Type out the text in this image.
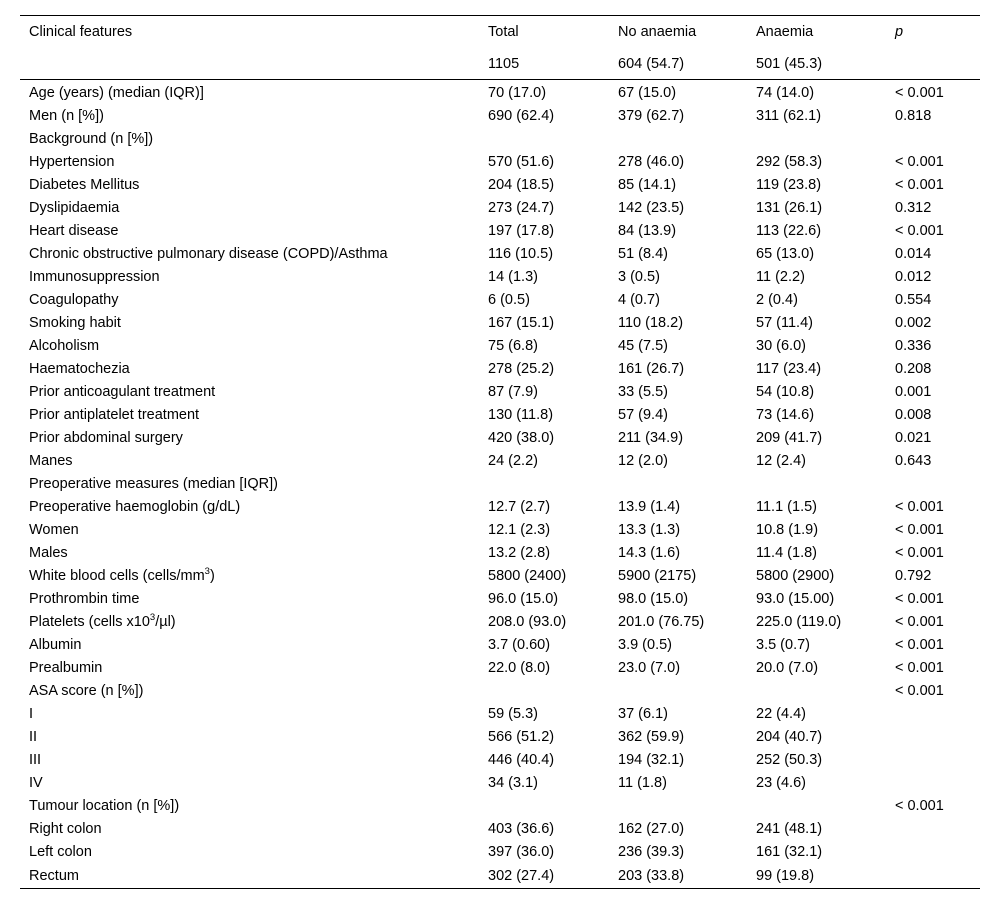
Clinical features	Total	No anaemia	Anaemia	p
	1105	604 (54.7)	501 (45.3)	
Age (years) (median (IQR)]	70 (17.0)	67 (15.0)	74 (14.0)	< 0.001
Men (n [%])	690 (62.4)	379 (62.7)	311 (62.1)	0.818
Background (n [%])				
Hypertension	570 (51.6)	278 (46.0)	292 (58.3)	< 0.001
Diabetes Mellitus	204 (18.5)	85 (14.1)	119 (23.8)	< 0.001
Dyslipidaemia	273 (24.7)	142 (23.5)	131 (26.1)	0.312
Heart disease	197 (17.8)	84 (13.9)	113 (22.6)	< 0.001
Chronic obstructive pulmonary disease (COPD)/Asthma	116 (10.5)	51 (8.4)	65 (13.0)	0.014
Immunosuppression	14 (1.3)	3 (0.5)	11 (2.2)	0.012
Coagulopathy	6 (0.5)	4 (0.7)	2 (0.4)	0.554
Smoking habit	167 (15.1)	110 (18.2)	57 (11.4)	0.002
Alcoholism	75 (6.8)	45 (7.5)	30 (6.0)	0.336
Haematochezia	278 (25.2)	161 (26.7)	117 (23.4)	0.208
Prior anticoagulant treatment	87 (7.9)	33 (5.5)	54 (10.8)	0.001
Prior antiplatelet treatment	130 (11.8)	57 (9.4)	73 (14.6)	0.008
Prior abdominal surgery	420 (38.0)	211 (34.9)	209 (41.7)	0.021
Manes	24 (2.2)	12 (2.0)	12 (2.4)	0.643
Preoperative measures (median [IQR])				
Preoperative haemoglobin (g/dL)	12.7 (2.7)	13.9 (1.4)	11.1 (1.5)	< 0.001
Women	12.1 (2.3)	13.3 (1.3)	10.8 (1.9)	< 0.001
Males	13.2 (2.8)	14.3 (1.6)	11.4 (1.8)	< 0.001
White blood cells $(cells/mm^3)$	5800 (2400)	5900 (2175)	5800 (2900)	0.792
Prothrombin time	96.0 (15.0)	98.0 (15.0)	93.0 (15.00)	< 0.001
Platelets (cells $x10^3/\mu l$)	208.0 (93.0)	201.0 (76.75)	225.0 (119.0)	< 0.001
Albumin	3.7 (0.60)	3.9 (0.5)	3.5 (0.7)	< 0.001
Prealbumin	22.0 (8.0)	23.0 (7.0)	20.0 (7.0)	< 0.001
ASA score (n [%])				< 0.001
I	59 (5.3)	37 (6.1)	22 (4.4)	
II	566 (51.2)	362 (59.9)	204 (40.7)	
III	446 (40.4)	194 (32.1)	252 (50.3)	
IV	34 (3.1)	11 (1.8)	23 (4.6)	
Tumour location (n [%])				< 0.001
Right colon	403 (36.6)	162 (27.0)	241 (48.1)	
Left colon	397 (36.0)	236 (39.3)	161 (32.1)	
Rectum	302 (27.4)	203 (33.8)	99 (19.8)	
